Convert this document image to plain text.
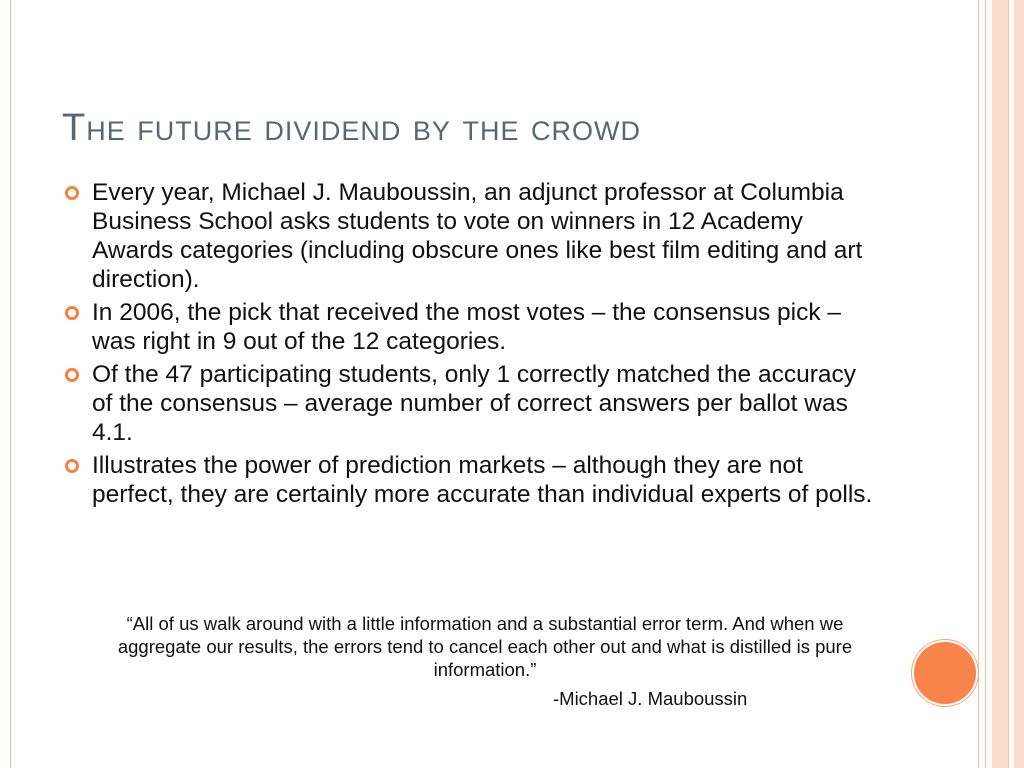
The future dividend by the crowd
Every year, Michael J. Mauboussin, an adjunct professor at Columbia Business School asks students to vote on winners in 12 Academy Awards categories (including obscure ones like best film editing and art direction).
In 2006, the pick that received the most votes – the consensus pick – was right in 9 out of the 12 categories.
Of the 47 participating students, only 1 correctly matched the accuracy of the consensus – average number of correct answers per ballot was 4.1.
Illustrates the power of prediction markets – although they are not perfect, they are certainly more accurate than individual experts of polls.
“All of us walk around with a little information and a substantial error term. And when we aggregate our results, the errors tend to cancel each other out and what is distilled is pure information.”
-Michael J. Mauboussin
